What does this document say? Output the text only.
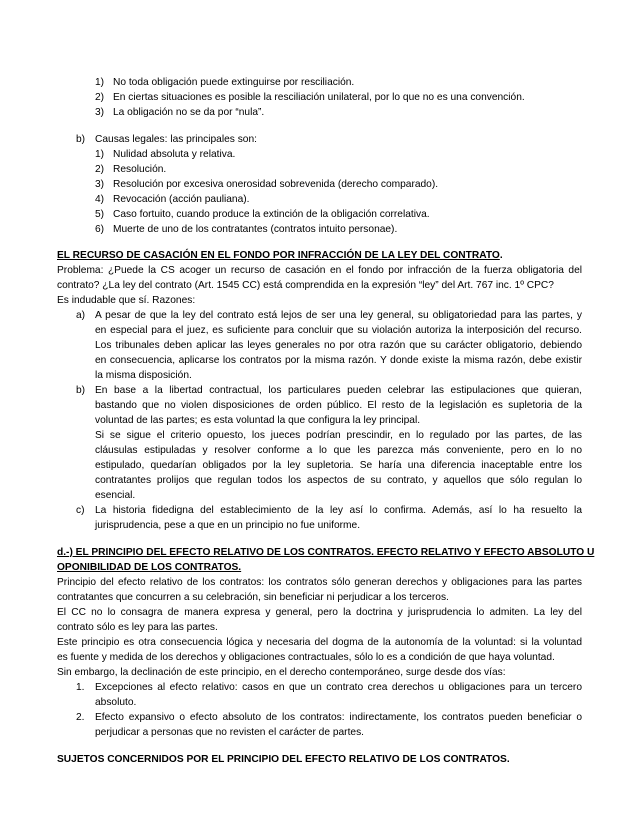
1) No toda obligación puede extinguirse por resciliación.
2) En ciertas situaciones es posible la resciliación unilateral, por lo que no es una convención.
3) La obligación no se da por “nula”.
b) Causas legales: las principales son:
1) Nulidad absoluta y relativa.
2) Resolución.
3) Resolución por excesiva onerosidad sobrevenida (derecho comparado).
4) Revocación (acción pauliana).
5) Caso fortuito, cuando produce la extinción de la obligación correlativa.
6) Muerte de uno de los contratantes (contratos intuito personae).
EL RECURSO DE CASACIÓN EN EL FONDO POR INFRACCIÓN DE LA LEY DEL CONTRATO.
Problema: ¿Puede la CS acoger un recurso de casación en el fondo por infracción de la fuerza obligatoria del
contrato? ¿La ley del contrato (Art. 1545 CC) está comprendida en la expresión “ley” del Art. 767 inc. 1º CPC?
Es indudable que sí. Razones:
a) A pesar de que la ley del contrato está lejos de ser una ley general, su obligatoriedad para las partes, y
en especial para el juez, es suficiente para concluir que su violación autoriza la interposición del recurso.
Los tribunales deben aplicar las leyes generales no por otra razón que su carácter obligatorio, debiendo
en consecuencia, aplicarse los contratos por la misma razón. Y donde existe la misma razón, debe existir
la misma disposición.
b) En base a la libertad contractual, los particulares pueden celebrar las estipulaciones que quieran,
bastando que no violen disposiciones de orden público. El resto de la legislación es supletoria de la
voluntad de las partes; es esta voluntad la que configura la ley principal.
Si se sigue el criterio opuesto, los jueces podrían prescindir, en lo regulado por las partes, de las
cláusulas estipuladas y resolver conforme a lo que les parezca más conveniente, pero en lo no
estipulado, quedarían obligados por la ley supletoria. Se haría una diferencia inaceptable entre los
contratantes prolijos que regulan todos los aspectos de su contrato, y aquellos que sólo regulan lo
esencial.
c) La historia fidedigna del establecimiento de la ley así lo confirma. Además, así lo ha resuelto la
jurisprudencia, pese a que en un principio no fue uniforme.
d.-) EL PRINCIPIO DEL EFECTO RELATIVO DE LOS CONTRATOS. EFECTO RELATIVO Y EFECTO ABSOLUTO U
OPONIBILIDAD DE LOS CONTRATOS.
Principio del efecto relativo de los contratos: los contratos sólo generan derechos y obligaciones para las partes
contratantes que concurren a su celebración, sin beneficiar ni perjudicar a los terceros.
El CC no lo consagra de manera expresa y general, pero la doctrina y jurisprudencia lo admiten. La ley del
contrato sólo es ley para las partes.
Este principio es otra consecuencia lógica y necesaria del dogma de la autonomía de la voluntad: si la voluntad
es fuente y medida de los derechos y obligaciones contractuales, sólo lo es a condición de que haya voluntad.
Sin embargo, la declinación de este principio, en el derecho contemporáneo, surge desde dos vías:
1. Excepciones al efecto relativo: casos en que un contrato crea derechos u obligaciones para un tercero
absoluto.
2. Efecto expansivo o efecto absoluto de los contratos: indirectamente, los contratos pueden beneficiar o
perjudicar a personas que no revisten el carácter de partes.
SUJETOS CONCERNIDOS POR EL PRINCIPIO DEL EFECTO RELATIVO DE LOS CONTRATOS.
